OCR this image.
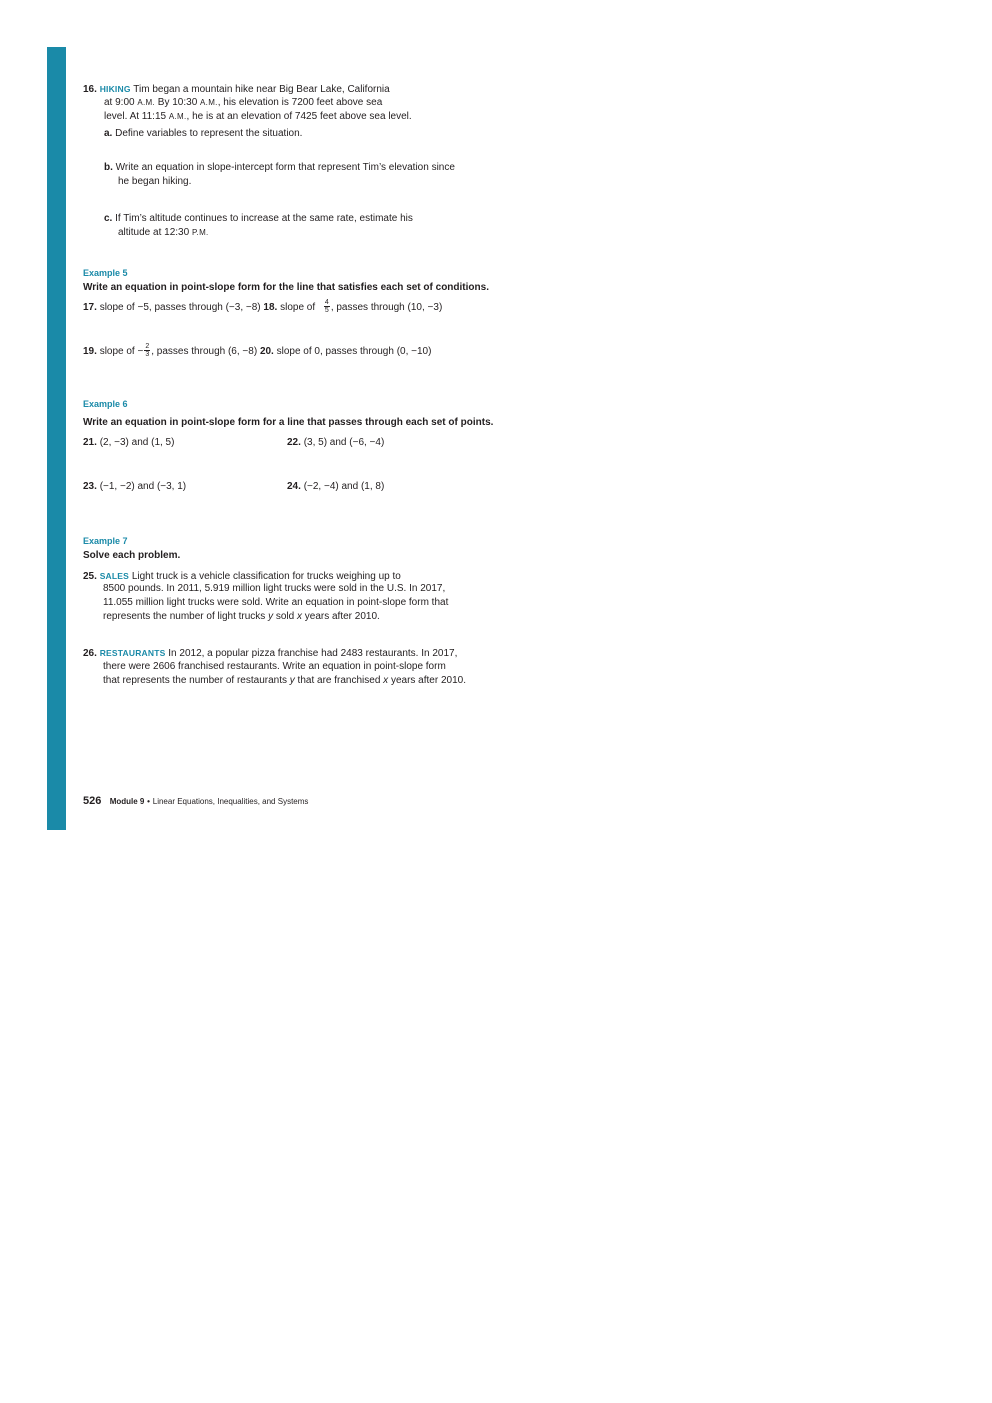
16. HIKING Tim began a mountain hike near Big Bear Lake, California
at 9:00 A.M. By 10:30 A.M., his elevation is 7200 feet above sea
level. At 11:15 A.M., he is at an elevation of 7425 feet above sea level.
a. Define variables to represent the situation.
b. Write an equation in slope-intercept form that represent Tim’s elevation since
he began hiking.
c. If Tim’s altitude continues to increase at the same rate, estimate his
altitude at 12:30 P.M.
Example 5
Write an equation in point-slope form for the line that satisfies each set of conditions.
17. slope of −5, passes through (−3, −8) 18. slope of $\frac{4}{5}$ , passes through (10, −3)
19. slope of − $\frac{2}{3}$ , passes through (6, −8) 20. slope of 0, passes through (0, −10)
Example 6
Write an equation in point-slope form for a line that passes through each set of points.
21. (2, −3) and (1, 5)	22. (3, 5) and (−6, −4)
23. (−1, −2) and (−3, 1)	24. (−2, −4) and (1, 8)
Example 7
Solve each problem.
25. SALES Light truck is a vehicle classification for trucks weighing up to
8500 pounds. In 2011, 5.919 million light trucks were sold in the U.S. In 2017,
11.055 million light trucks were sold. Write an equation in point-slope form that
represents the number of light trucks y sold x years after 2010.
26. RESTAURANTS In 2012, a popular pizza franchise had 2483 restaurants. In 2017,
there were 2606 franchised restaurants. Write an equation in point-slope form
that represents the number of restaurants y that are franchised x years after 2010.
526 Module 9 • Linear Equations, Inequalities, and Systems
